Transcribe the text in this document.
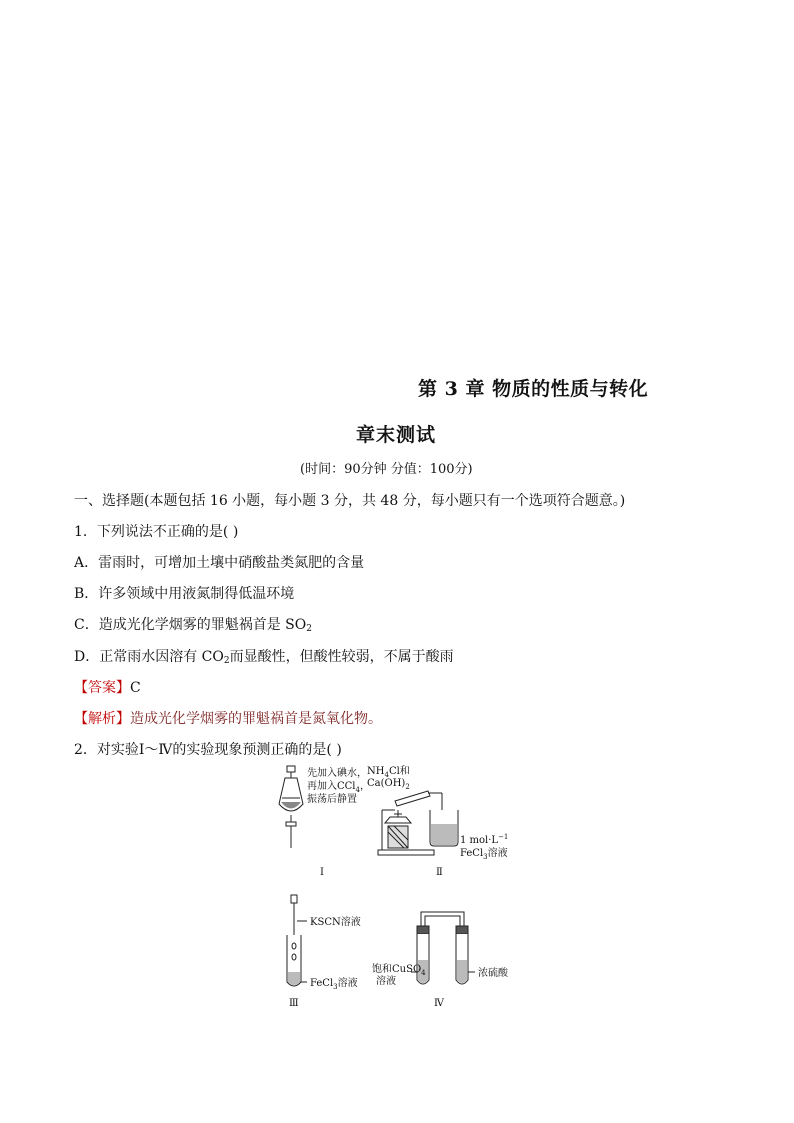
第 3 章 物质的性质与转化
章末测试
(时间：90分钟 分值：100分)
一、选择题(本题包括 16 小题，每小题 3 分，共 48 分，每小题只有一个选项符合题意。)
1．下列说法不正确的是( )
A．雷雨时，可增加土壤中硝酸盐类氮肥的含量
B．许多领域中用液氮制得低温环境
C．造成光化学烟雾的罪魁祸首是 $SO_2$
D．正常雨水因溶有 $CO_2$而显酸性，但酸性较弱，不属于酸雨
【答案】C
【解析】造成光化学烟雾的罪魁祸首是氮氧化物。
2．对实验Ⅰ～Ⅳ的实验现象预测正确的是( )
先加入碘水，
再加入CCl$_4$，
振荡后静置
Ⅰ
$NH_4Cl$和
$Ca(OH)_2$
1 $mol\cdot L^{-1}$
FeCl$_3$溶液
Ⅱ
KSCN溶液
FeCl$_3$溶液
Ⅲ
饱和CuSO$_4$
溶液
浓硫酸
Ⅳ
